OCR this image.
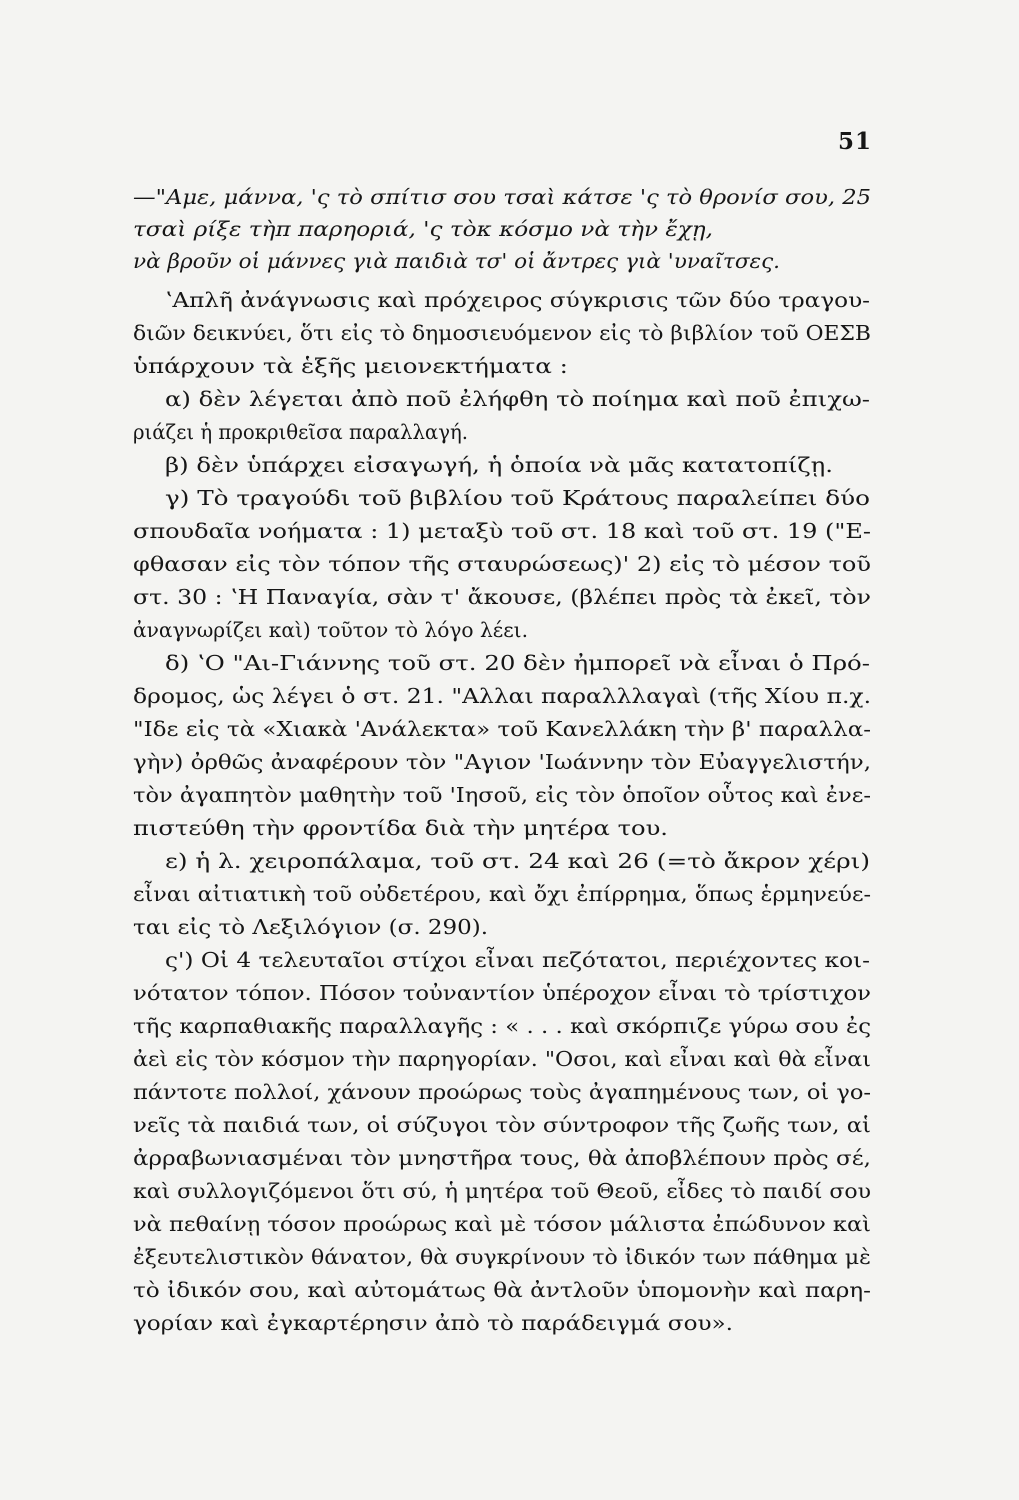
51
—"Αμε, μάννα, 'ς τὸ σπίτισ σου τσαὶ κάτσε 'ς τὸ θρονίσ σου, 25
τσαὶ ρίξε τὴπ παρηοριά, 'ς τὸκ κόσμο νὰ τὴν ἔχῃ,
νὰ βροῦν οἱ μάννες γιὰ παιδιὰ τσ' οἱ ἄντρες γιὰ 'υναῖτσες.
ʽΑπλῆ ἀνάγνωσις καὶ πρόχειρος σύγκρισις τῶν δύο τραγου-
διῶν δεικνύει, ὅτι εἰς τὸ δημοσιευόμενον εἰς τὸ βιβλίον τοῦ ΟΕΣΒ
ὑπάρχουν τὰ ἑξῆς μειονεκτήματα :
α) δὲν λέγεται ἀπὸ ποῦ ἐλήφθη τὸ ποίημα καὶ ποῦ ἐπιχω-
ριάζει ἡ προκριθεῖσα παραλλαγή.
β) δὲν ὑπάρχει εἰσαγωγή, ἡ ὁποία νὰ μᾶς κατατοπίζῃ.
γ) Τὸ τραγούδι τοῦ βιβλίου τοῦ Κράτους παραλείπει δύο
σπουδαῖα νοήματα : 1) μεταξὺ τοῦ στ. 18 καὶ τοῦ στ. 19 ("Ε-
φθασαν εἰς τὸν τόπον τῆς σταυρώσεως)' 2) εἰς τὸ μέσον τοῦ
στ. 30 : ʽΗ Παναγία, σὰν τ' ἄκουσε, (βλέπει πρὸς τὰ ἐκεῖ, τὸν
ἀναγνωρίζει καὶ) τοῦτον τὸ λόγο λέει.
δ) ʽΟ "Αι-Γιάννης τοῦ στ. 20 δὲν ἠμπορεῖ νὰ εἶναι ὁ Πρό-
δρομος, ὡς λέγει ὁ στ. 21. "Αλλαι παραλλλαγαὶ (τῆς Χίου π.χ.
"Ιδε εἰς τὰ «Χιακὰ 'Ανάλεκτα» τοῦ Κανελλάκη τὴν β' παραλλα-
γὴν) ὀρθῶς ἀναφέρουν τὸν "Αγιον 'Ιωάννην τὸν Εὐαγγελιστήν,
τὸν ἀγαπητὸν μαθητὴν τοῦ 'Ιησοῦ, εἰς τὸν ὁποῖον οὗτος καὶ ἐνε-
πιστεύθη τὴν φροντίδα διὰ τὴν μητέρα του.
ε) ἡ λ. χειροπάλαμα, τοῦ στ. 24 καὶ 26 (=τὸ ἄκρον χέρι)
εἶναι αἰτιατικὴ τοῦ οὐδετέρου, καὶ ὄχι ἐπίρρημα, ὅπως ἑρμηνεύε-
ται εἰς τὸ Λεξιλόγιον (σ. 290).
ς') Οἱ 4 τελευταῖοι στίχοι εἶναι πεζότατοι, περιέχοντες κοι-
νότατον τόπον. Πόσον τοὐναντίον ὑπέροχον εἶναι τὸ τρίστιχον
τῆς καρπαθιακῆς παραλλαγῆς : « . . . καὶ σκόρπιζε γύρω σου ἐς
ἀεὶ εἰς τὸν κόσμον τὴν παρηγορίαν. "Οσοι, καὶ εἶναι καὶ θὰ εἶναι
πάντοτε πολλοί, χάνουν προώρως τοὺς ἀγαπημένους των, οἱ γο-
νεῖς τὰ παιδιά των, οἱ σύζυγοι τὸν σύντροφον τῆς ζωῆς των, αἱ
ἀρραβωνιασμέναι τὸν μνηστῆρα τους, θὰ ἀποβλέπουν πρὸς σέ,
καὶ συλλογιζόμενοι ὅτι σύ, ἡ μητέρα τοῦ Θεοῦ, εἶδες τὸ παιδί σου
νὰ πεθαίνῃ τόσον προώρως καὶ μὲ τόσον μάλιστα ἐπώδυνον καὶ
ἐξευτελιστικὸν θάνατον, θὰ συγκρίνουν τὸ ἰδικόν των πάθημα μὲ
τὸ ἰδικόν σου, καὶ αὐτομάτως θὰ ἀντλοῦν ὑπομονὴν καὶ παρη-
γορίαν καὶ ἐγκαρτέρησιν ἀπὸ τὸ παράδειγμά σου».
